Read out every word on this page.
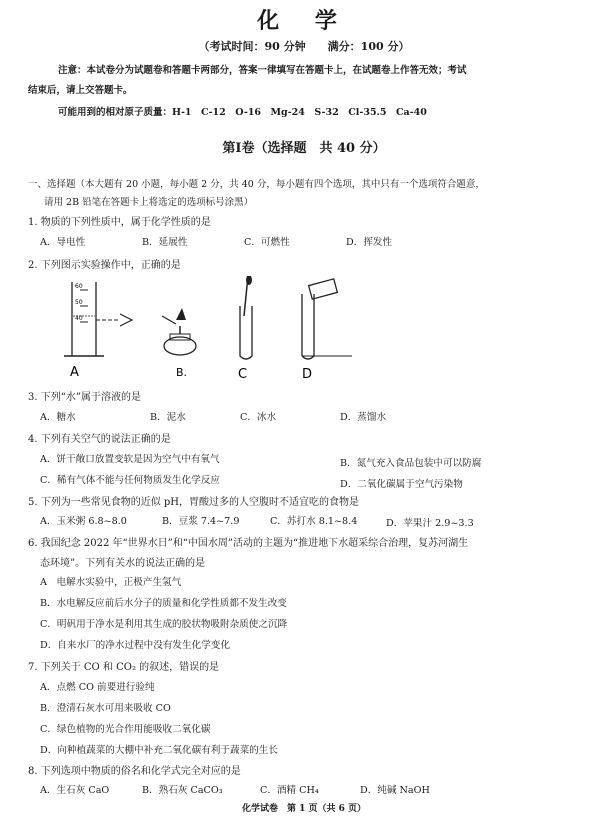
化 学
（考试时间：90 分钟　　满分：100 分）
注意：本试卷分为试题卷和答题卡两部分，答案一律填写在答题卡上，在试题卷上作答无效；考试
结束后，请上交答题卡。
可能用到的相对原子质量：H-1　C-12　O-16　Mg-24　S-32　Cl-35.5　Ca-40
第Ⅰ卷（选择题　共 40 分）
一、选择题（本大题有 20 小题，每小题 2 分，共 40 分，每小题有四个选项，其中只有一个选项符合题意，
请用 2B 铅笔在答题卡上将选定的选项标号涂黑）
1. 物质的下列性质中，属于化学性质的是
A．导电性	B．延展性	C．可燃性	D．挥发性
2. 下列图示实验操作中，正确的是
60
50
40
A	B.	C	D
3. 下列“水”属于溶液的是
A．糖水	B．泥水	C．冰水	D．蒸馏水
4. 下列有关空气的说法正确的是
A．饼干敞口放置变软是因为空气中有氧气	B．氮气充入食品包装中可以防腐
C．稀有气体不能与任何物质发生化学反应	D．二氧化碳属于空气污染物
5. 下列为一些常见食物的近似 pH，胃酸过多的人空腹时不适宜吃的食物是
A．玉米粥 6.8~8.0	B．豆浆 7.4~7.9	C．苏打水 8.1~8.4	D．苹果汁 2.9~3.3
6. 我国纪念 2022 年“世界水日”和“中国水周”活动的主题为“推进地下水超采综合治理，复苏河湖生
态环境”。下列有关水的说法正确的是
A　电解水实验中，正极产生氢气
B．水电解反应前后水分子的质量和化学性质都不发生改变
C．明矾用于净水是利用其生成的胶状物吸附杂质使之沉降
D．自来水厂的净水过程中没有发生化学变化
7. 下列关于 CO 和 CO₂ 的叙述，错误的是
A．点燃 CO 前要进行验纯
B．澄清石灰水可用来吸收 CO
C．绿色植物的光合作用能吸收二氧化碳
D．向种植蔬菜的大棚中补充二氧化碳有利于蔬菜的生长
8. 下列选项中物质的俗名和化学式完全对应的是
A．生石灰 CaO	B．熟石灰 CaCO₃	C．酒精 CH₄	D．纯碱 NaOH
化学试卷　第 1 页（共 6 页）
